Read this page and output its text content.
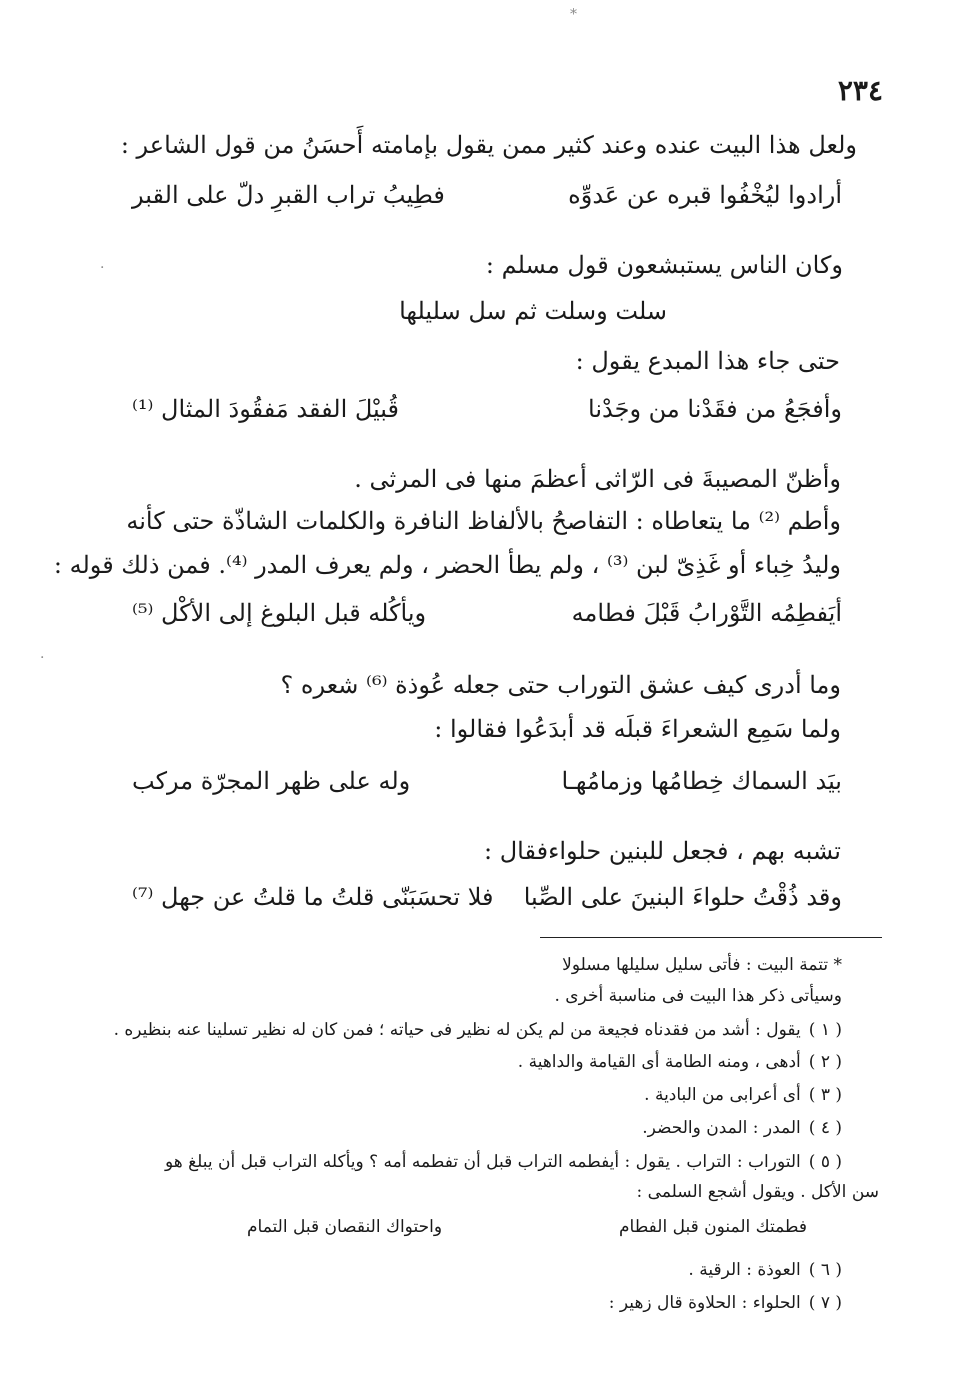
٢٣٤
ولعل هذا البيت عنده وعند كثير ممن يقول بإمامته أَحسَنُ من قول الشاعر :
أرادوا ليُخْفُوا قبره عن عَدوِّه
فطِيبُ تراب القبرِ دلّ على القبر
وكان الناس يستبشعون قول مسلم :
سلت وسلت ثم سل سليلها
حتى جاء هذا المبدع يقول :
وأفجَعُ من فقَدْنا من وجَدْنا
قُبيْلَ الفقد مَفقُودَ المثال ⁽¹⁾
وأظنّ المصيبةَ فى الرّاثى أعظمَ منها فى المرثى .
وأطم ⁽²⁾ ما يتعاطاه : التفاصحُ بالألفاظ النافرة والكلمات الشاذّة حتى كأنه
وليدُ خِباء أو غَذِىّ لبن ⁽³⁾ ، ولم يطأ الحضر ، ولم يعرف المدر ⁽⁴⁾. فمن ذلك قوله :
أيَفطِمُه التَّوْرابُ قَبْلَ فطامه
ويأكُله قبل البلوغ إلى الأكْل ⁽⁵⁾
وما أدرى كيف عشق التوراب حتى جعله عُوذة ⁽⁶⁾ شعره ؟
ولما سَمِع الشعراءَ قبلَه قد أبدَعُوا فقالوا :
بيَد السماك خِطامُها وزمامُهـا
وله على ظهر المجرّة مركب
تشبه بهم ، فجعل للبنين حلواءفقال :
وقد ذُقْتُ حلواءَ البنينَ على الصِّبا
فلا تحسَبَنّى قلتُ ما قلتُ عن جهل ⁽⁷⁾
* تتمة البيت : فأتى سليل سليلها مسلولا
وسيأتى ذكر هذا البيت فى مناسبة أخرى .
( ١ )يقول : أشد من فقدناه فجيعة من لم يكن له نظير فى حياته ؛ فمن كان له نظير تسلينا عنه بنظيره .
( ٢ )أدهى ، ومنه الطامة أى القيامة والداهية .
( ٣ )أى أعرابى من البادية .
( ٤ )المدر : المدن والحضر.
( ٥ )التوراب : التراب . يقول : أيفطمه التراب قبل أن تفطمه أمه ؟ ويأكله التراب قبل أن يبلغ هو
سن الأكل . ويقول أشجع السلمى :
فطمتك المنون قبل الفطام
واحتواك النقصان قبل التمام
( ٦ )العوذة : الرقية .
( ٧ )الحلواء : الحلاوة قال زهير :
⁎
·
·
